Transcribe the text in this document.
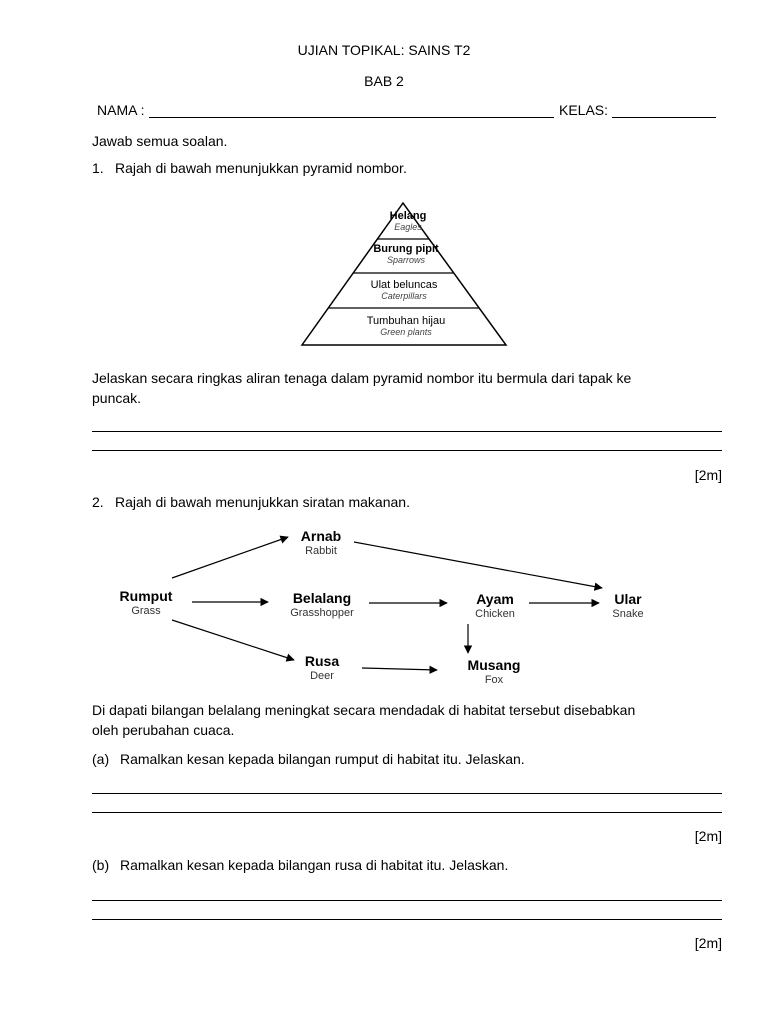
UJIAN TOPIKAL: SAINS T2
BAB 2
NAMA :	KELAS:
Jawab semua soalan.
1. Rajah di bawah menunjukkan pyramid nombor.
Helang
Eagles
Burung pipit
Sparrows
Ulat beluncas
Caterpillars
Tumbuhan hijau
Green plants
Jelaskan secara ringkas aliran tenaga dalam pyramid nombor itu bermula dari tapak ke
puncak.
[2m]
2. Rajah di bawah menunjukkan siratan makanan.
Rumput
Grass
Arnab
Rabbit
Belalang
Grasshopper
Rusa
Deer
Ayam
Chicken
Musang
Fox
Ular
Snake
Di dapati bilangan belalang meningkat secara mendadak di habitat tersebut disebabkan
oleh perubahan cuaca.
(a) Ramalkan kesan kepada bilangan rumput di habitat itu. Jelaskan.
[2m]
(b) Ramalkan kesan kepada bilangan rusa di habitat itu. Jelaskan.
[2m]
